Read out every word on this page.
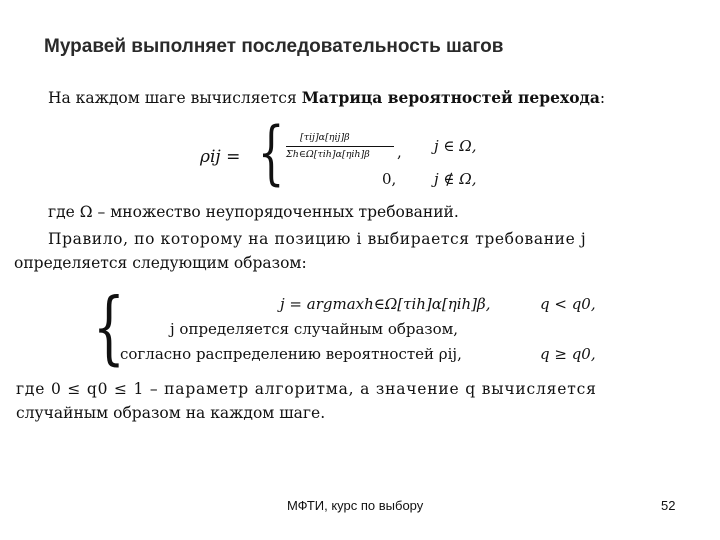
Муравей выполняет последовательность шагов
На каждом шаге вычисляется Матрица вероятностей перехода:
ρij = { [τij]α[ηij]β
Σh∈Ω[τih]α[ηih]β , j ∈ Ω,
0,	j ∉ Ω,
где Ω – множество неупорядоченных требований.
Правило, по которому на позицию i выбирается требование j
определяется следующим образом:
{	j = argmaxh∈Ω[τih]α[ηih]β,	q < q0,
j определяется случайным образом,
согласно распределению вероятностей ρij,	q ≥ q0,
где 0 ≤ q0 ≤ 1 – параметр алгоритма, а значение q вычисляется
случайным образом на каждом шаге.
МФТИ, курс по выбору	52
